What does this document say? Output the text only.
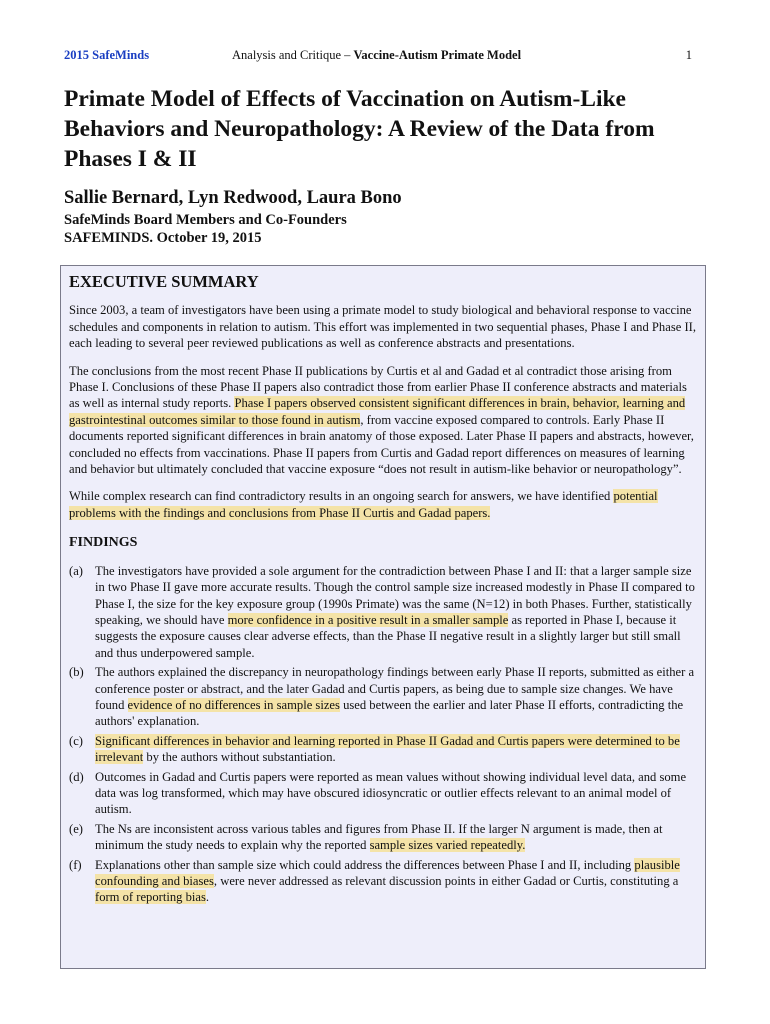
2015 SafeMinds	Analysis and Critique – Vaccine-Autism Primate Model	1
Primate Model of Effects of Vaccination on Autism-Like Behaviors and Neuropathology: A Review of the Data from Phases I & II

Sallie Bernard, Lyn Redwood, Laura Bono

SafeMinds Board Members and Co-Founders
SAFEMINDS. October 19, 2015
EXECUTIVE SUMMARY

Since 2003, a team of investigators have been using a primate model to study biological and behavioral response to vaccine schedules and components in relation to autism. This effort was implemented in two sequential phases, Phase I and Phase II, each leading to several peer reviewed publications as well as conference abstracts and presentations.

The conclusions from the most recent Phase II publications by Curtis et al and Gadad et al contradict those arising from Phase I. Conclusions of these Phase II papers also contradict those from earlier Phase II conference abstracts and materials as well as internal study reports. Phase I papers observed consistent significant differences in brain, behavior, learning and gastrointestinal outcomes similar to those found in autism, from vaccine exposed compared to controls. Early Phase II documents reported significant differences in brain anatomy of those exposed. Later Phase II papers and abstracts, however, concluded no effects from vaccinations. Phase II papers from Curtis and Gadad report differences on measures of learning and behavior but ultimately concluded that vaccine exposure “does not result in autism-like behavior or neuropathology”.

While complex research can find contradictory results in an ongoing search for answers, we have identified potential problems with the findings and conclusions from Phase II Curtis and Gadad papers.

FINDINGS
(a) The investigators have provided a sole argument for the contradiction between Phase I and II: that a larger sample size in two Phase II gave more accurate results. Though the control sample size increased modestly in Phase II compared to Phase I, the size for the key exposure group (1990s Primate) was the same (N=12) in both Phases. Further, statistically speaking, we should have more confidence in a positive result in a smaller sample as reported in Phase I, because it suggests the exposure causes clear adverse effects, than the Phase II negative result in a slightly larger but still small and thus underpowered sample.
(b) The authors explained the discrepancy in neuropathology findings between early Phase II reports, submitted as either a conference poster or abstract, and the later Gadad and Curtis papers, as being due to sample size changes. We have found evidence of no differences in sample sizes used between the earlier and later Phase II efforts, contradicting the authors' explanation.
(c) Significant differences in behavior and learning reported in Phase II Gadad and Curtis papers were determined to be irrelevant by the authors without substantiation.
(d) Outcomes in Gadad and Curtis papers were reported as mean values without showing individual level data, and some data was log transformed, which may have obscured idiosyncratic or outlier effects relevant to an animal model of autism.
(e) The Ns are inconsistent across various tables and figures from Phase II. If the larger N argument is made, then at minimum the study needs to explain why the reported sample sizes varied repeatedly.
(f)	Explanations other than sample size which could address the differences between Phase I and II, including plausible confounding and biases, were never addressed as relevant discussion points in either Gadad or Curtis, constituting a form of reporting bias.
